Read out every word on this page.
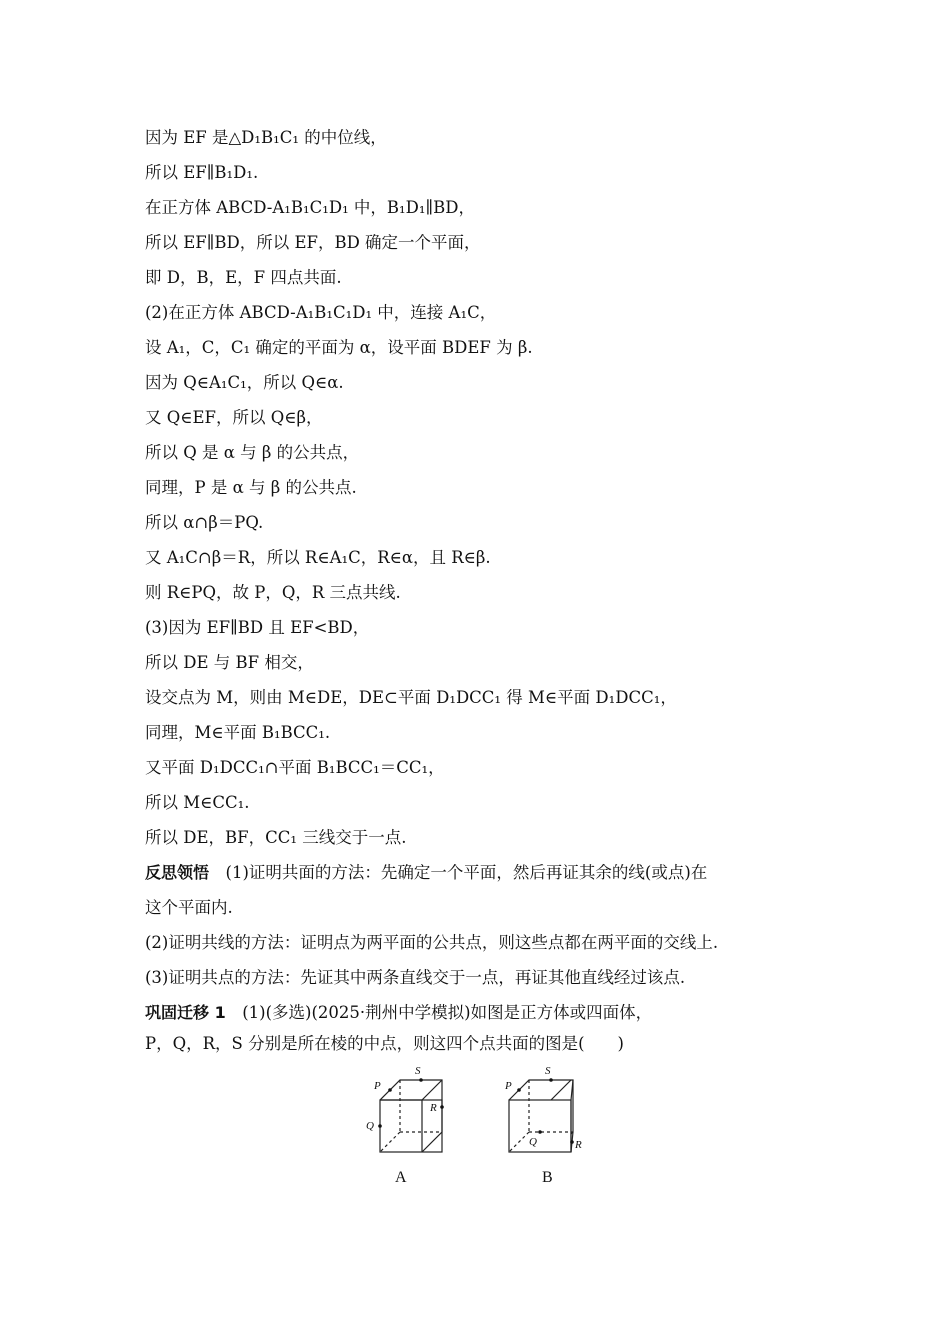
因为 EF 是△D₁B₁C₁ 的中位线，
所以 EF∥B₁D₁.
在正方体 ABCD-A₁B₁C₁D₁ 中，B₁D₁∥BD，
所以 EF∥BD，所以 EF，BD 确定一个平面，
即 D，B，E，F 四点共面.
(2)在正方体 ABCD-A₁B₁C₁D₁ 中，连接 A₁C，
设 A₁，C，C₁ 确定的平面为 α，设平面 BDEF 为 β.
因为 Q∈A₁C₁，所以 Q∈α.
又 Q∈EF，所以 Q∈β，
所以 Q 是 α 与 β 的公共点，
同理，P 是 α 与 β 的公共点.
所以 α∩β＝PQ.
又 A₁C∩β＝R，所以 R∈A₁C，R∈α，且 R∈β.
则 R∈PQ，故 P，Q，R 三点共线.
(3)因为 EF∥BD 且 EF<BD，
所以 DE 与 BF 相交，
设交点为 M，则由 M∈DE，DE⊂平面 D₁DCC₁ 得 M∈平面 D₁DCC₁，
同理，M∈平面 B₁BCC₁.
又平面 D₁DCC₁∩平面 B₁BCC₁＝CC₁，
所以 M∈CC₁.
所以 DE，BF，CC₁ 三线交于一点.
反思领悟　 (1)证明共面的方法：先确定一个平面，然后再证其余的线(或点)在
这个平面内.
(2)证明共线的方法：证明点为两平面的公共点，则这些点都在两平面的交线上.
(3)证明共点的方法：先证其中两条直线交于一点，再证其他直线经过该点.
巩固迁移 1　 (1)(多选)(2025·荆州中学模拟)如图是正方体或四面体，
P，Q，R，S 分别是所在棱的中点，则这四个点共面的图是(　　)
P
S
R
Q
A
P
S
Q	R
B
